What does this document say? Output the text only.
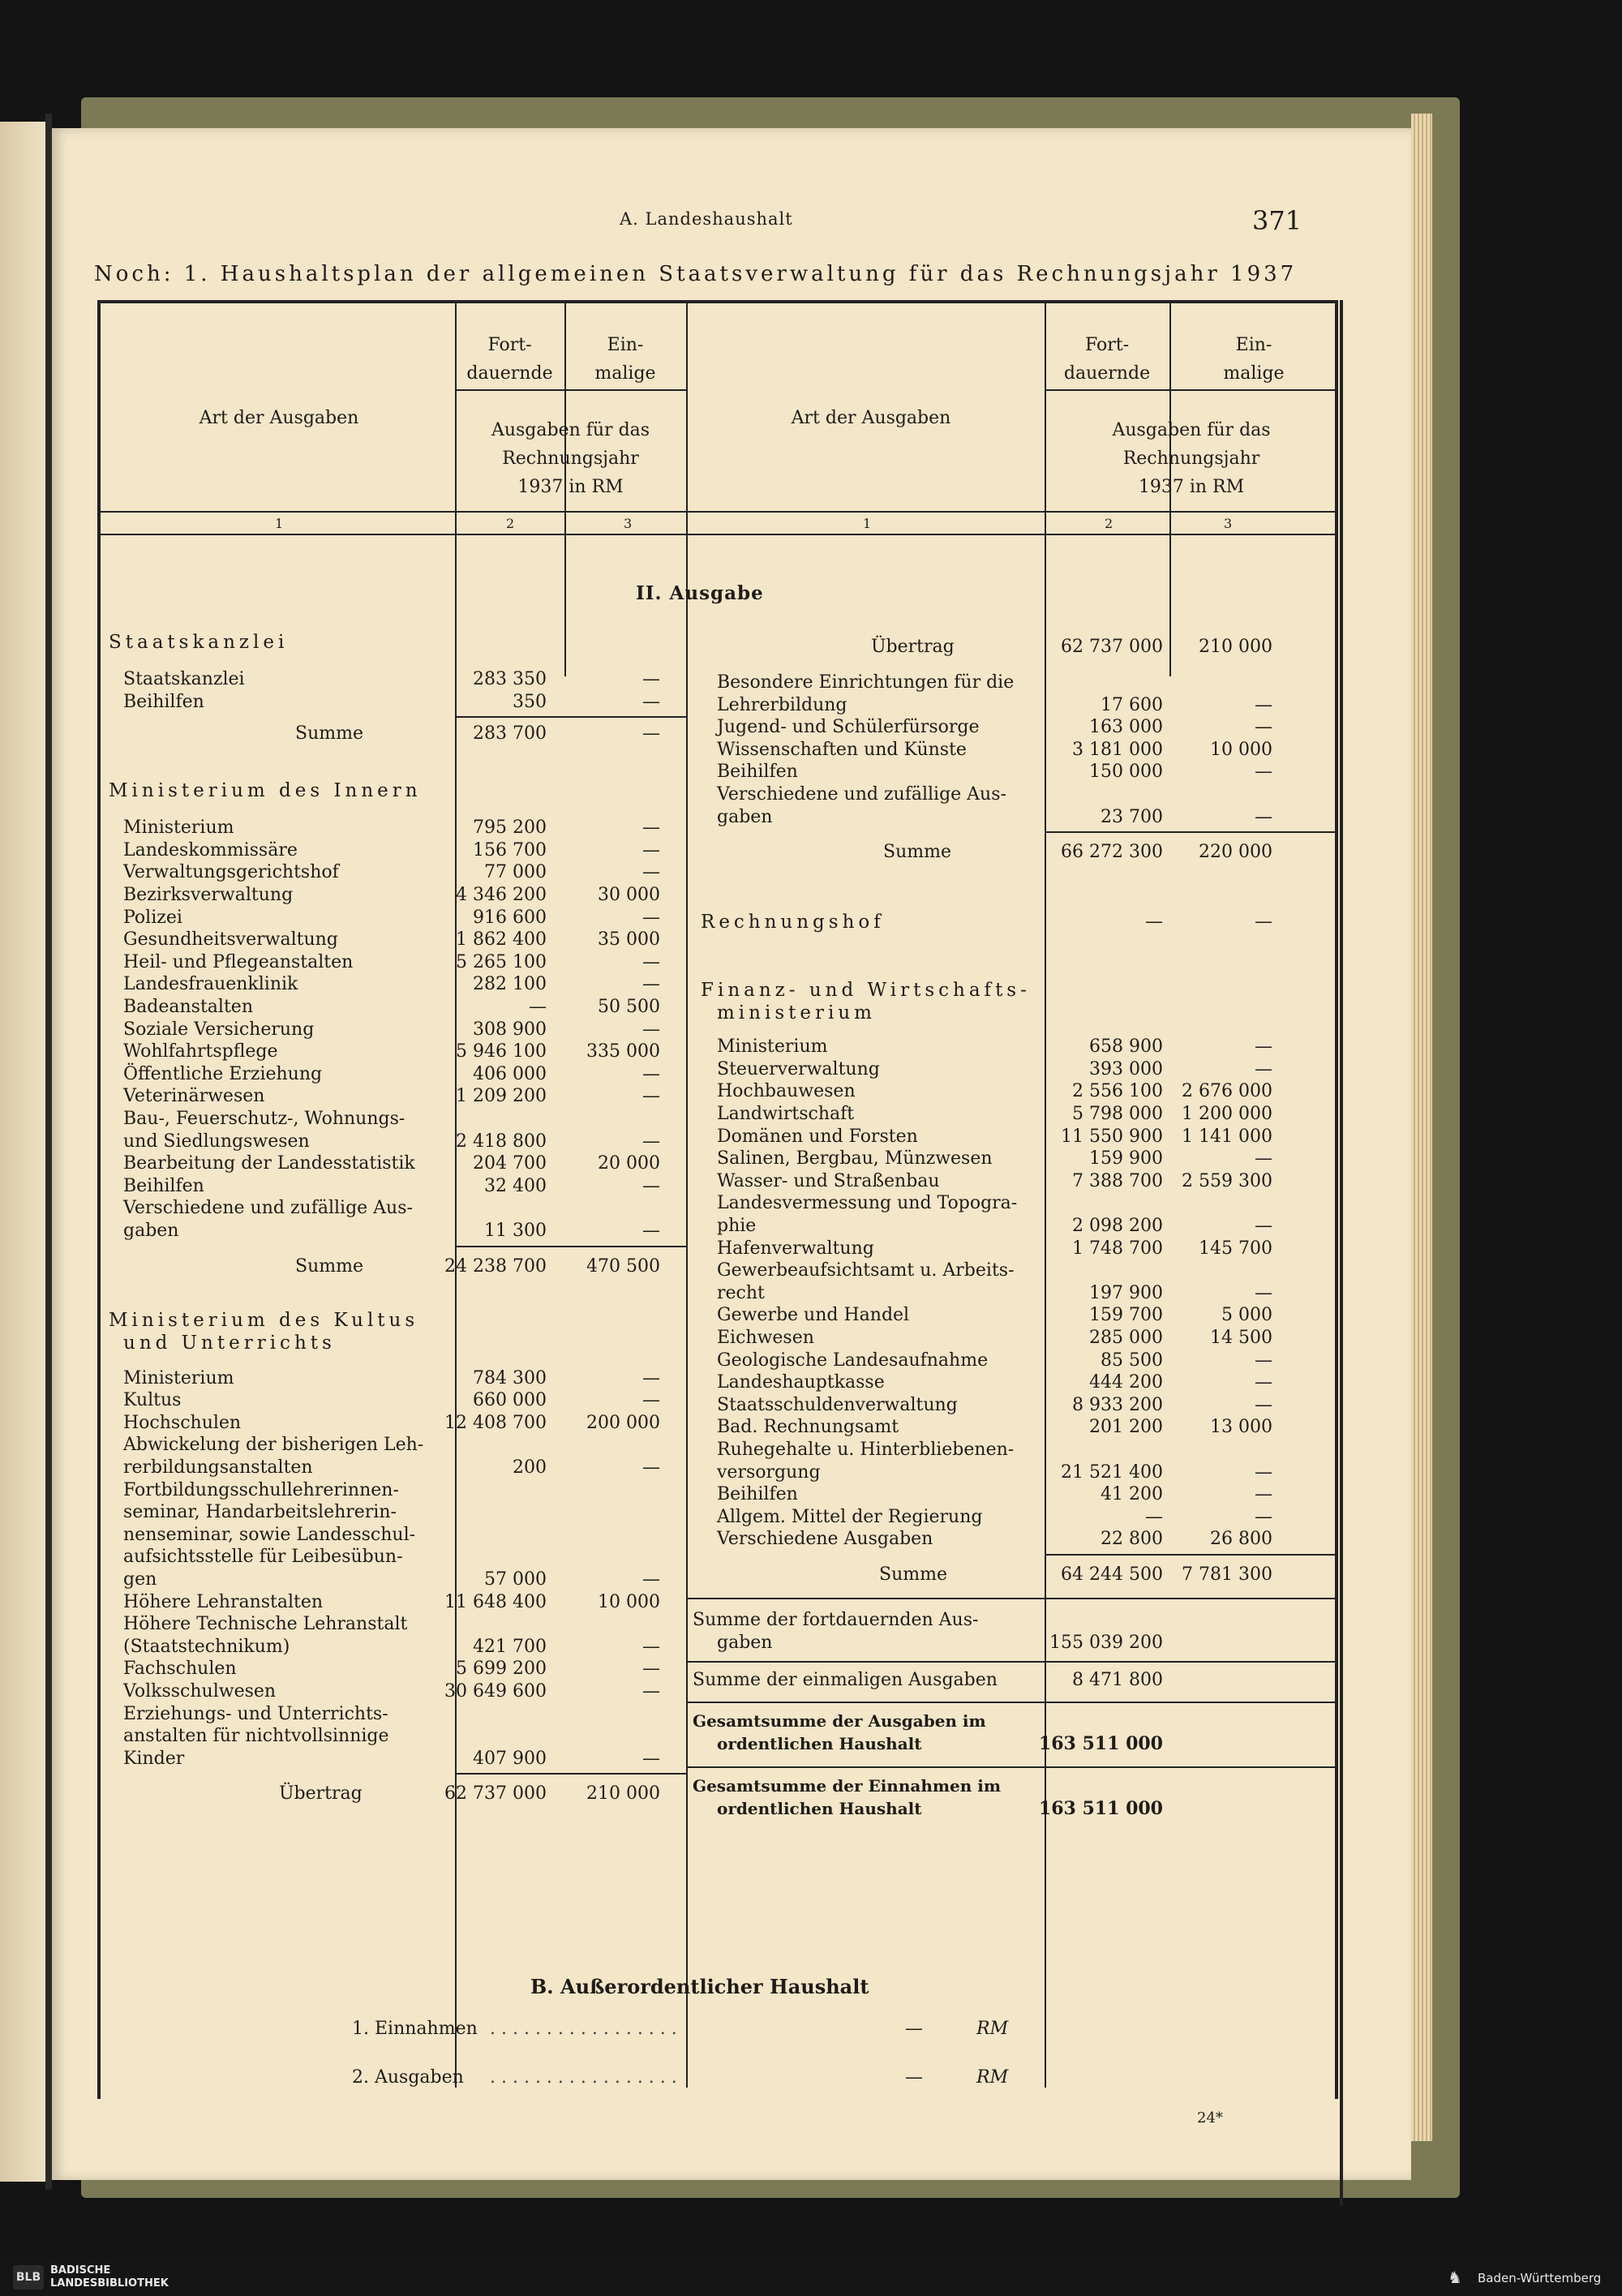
A. Landeshaushalt	371
Noch: 1. Haushaltsplan der allgemeinen Staatsverwaltung für das Rechnungsjahr 1937
Art der Ausgaben
Fort-
dauernde
Ein-
malige
Ausgaben für das
Rechnungsjahr
1937 in RM
1	2	3
Art der Ausgaben
Fort-
dauernde
Ein-
malige
Ausgaben für das
Rechnungsjahr
1937 in RM
1	2	3
II. Ausgabe
B. Außerordentlicher Haushalt
1. Einnahmen . . . . . . . . . . . . . . . . .	—	RM
2. Ausgaben . . . . . . . . . . . . . . . . .	—	RM
24*
Staatskanzlei
Staatskanzlei	283 350	—
Beihilfen	350	—
Summe	283 700	—
Ministerium des Innern
Ministerium	795 200	—
Landeskommissäre	156 700	—
Verwaltungsgerichtshof	77 000	—
Bezirksverwaltung	4 346 200	30 000
Polizei	916 600	—
Gesundheitsverwaltung	1 862 400	35 000
Heil- und Pflegeanstalten	5 265 100	—
Landesfrauenklinik	282 100	—
Badeanstalten	—	50 500
Soziale Versicherung	308 900	—
Wohlfahrtspflege	5 946 100	335 000
Öffentliche Erziehung	406 000	—
Veterinärwesen	1 209 200	—
Bau-, Feuerschutz-, Wohnungs-
und Siedlungswesen	2 418 800	—
Bearbeitung der Landesstatistik	204 700	20 000
Beihilfen	32 400	—
Verschiedene und zufällige Aus-
gaben	11 300	—
Summe	24 238 700	470 500
Ministerium des Kultus
und Unterrichts
Ministerium	784 300	—
Kultus	660 000	—
Hochschulen	12 408 700	200 000
Abwickelung der bisherigen Leh-
rerbildungsanstalten	200	—
Fortbildungsschullehrerinnen-
seminar, Handarbeitslehrerin-
nenseminar, sowie Landesschul-
aufsichtsstelle für Leibesübun-
gen	57 000	—
Höhere Lehranstalten	11 648 400	10 000
Höhere Technische Lehranstalt
(Staatstechnikum)	421 700	—
Fachschulen	5 699 200	—
Volksschulwesen	30 649 600	—
Erziehungs- und Unterrichts-
anstalten für nichtvollsinnige
Kinder	407 900	—
Übertrag	62 737 000	210 000
Übertrag	62 737 000	210 000
Besondere Einrichtungen für die
Lehrerbildung	17 600	—
Jugend- und Schülerfürsorge	163 000	—
Wissenschaften und Künste	3 181 000	10 000
Beihilfen	150 000	—
Verschiedene und zufällige Aus-
gaben	23 700	—
Summe	66 272 300	220 000
Rechnungshof	—	—
Finanz- und Wirtschafts-
ministerium
Ministerium	658 900	—
Steuerverwaltung	393 000	—
Hochbauwesen	2 556 100	2 676 000
Landwirtschaft	5 798 000	1 200 000
Domänen und Forsten	11 550 900	1 141 000
Salinen, Bergbau, Münzwesen	159 900	—
Wasser- und Straßenbau	7 388 700	2 559 300
Landesvermessung und Topogra-
phie	2 098 200	—
Hafenverwaltung	1 748 700	145 700
Gewerbeaufsichtsamt u. Arbeits-
recht	197 900	—
Gewerbe und Handel	159 700	5 000
Eichwesen	285 000	14 500
Geologische Landesaufnahme	85 500	—
Landeshauptkasse	444 200	—
Staatsschuldenverwaltung	8 933 200	—
Bad. Rechnungsamt	201 200	13 000
Ruhegehalte u. Hinterbliebenen-
versorgung	21 521 400	—
Beihilfen	41 200	—
Allgem. Mittel der Regierung	—	—
Verschiedene Ausgaben	22 800	26 800
Summe	64 244 500	7 781 300
Summe der fortdauernden Aus-
gaben	155 039 200
Summe der einmaligen Ausgaben	8 471 800
Gesamtsumme der Ausgaben im
ordentlichen Haushalt	163 511 000
Gesamtsumme der Einnahmen im
ordentlichen Haushalt	163 511 000
BLB
BADISCHE
LANDESBIBLIOTHEK	♞	Baden-Württemberg
